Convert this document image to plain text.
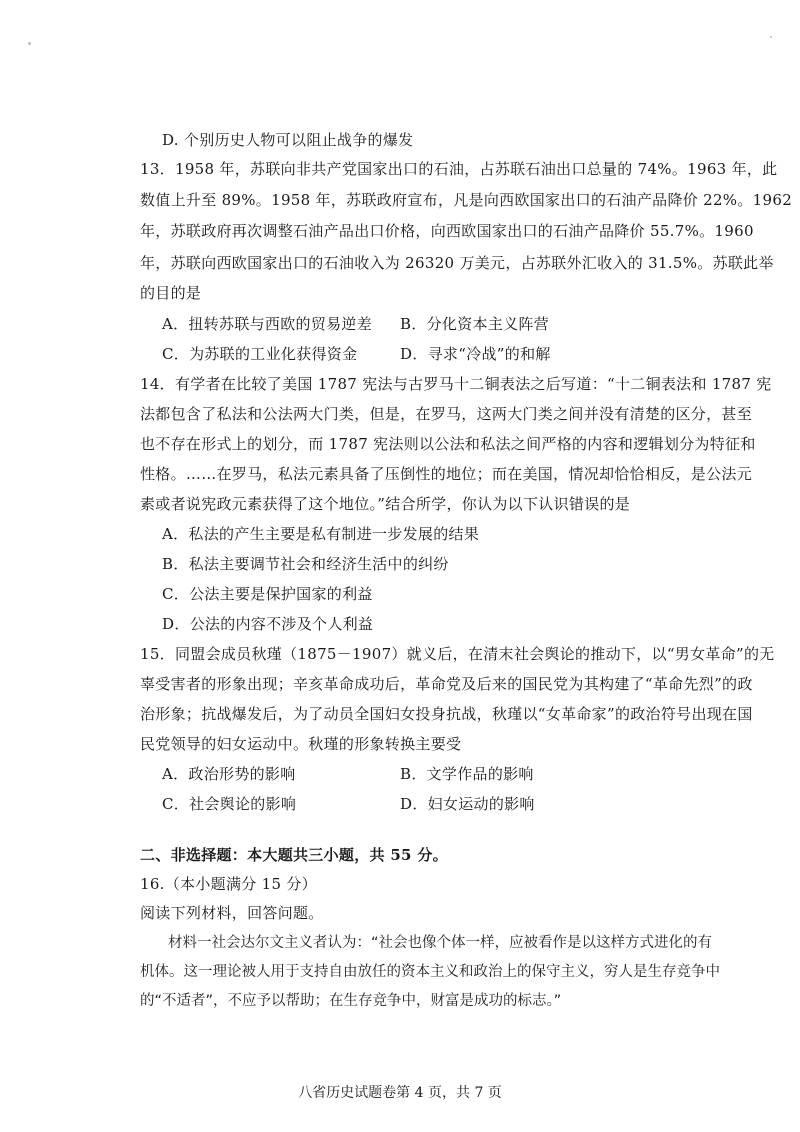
D. 个别历史人物可以阻止战争的爆发
13．1958 年，苏联向非共产党国家出口的石油，占苏联石油出口总量的 74%。1963 年，此
数值上升至 89%。1958 年，苏联政府宣布，凡是向西欧国家出口的石油产品降价 22%。1962
年，苏联政府再次调整石油产品出口价格，向西欧国家出口的石油产品降价 55.7%。1960
年，苏联向西欧国家出口的石油收入为 26320 万美元，占苏联外汇收入的 31.5%。苏联此举
的目的是
A．扭转苏联与西欧的贸易逆差 B．分化资本主义阵营
C．为苏联的工业化获得资金	D．寻求“冷战”的和解
14．有学者在比较了美国 1787 宪法与古罗马十二铜表法之后写道：“十二铜表法和 1787 宪
法都包含了私法和公法两大门类，但是，在罗马，这两大门类之间并没有清楚的区分，甚至
也不存在形式上的划分，而 1787 宪法则以公法和私法之间严格的内容和逻辑划分为特征和
性格。……在罗马，私法元素具备了压倒性的地位；而在美国，情况却恰恰相反，是公法元
素或者说宪政元素获得了这个地位。”结合所学，你认为以下认识错误的是
A．私法的产生主要是私有制进一步发展的结果
B．私法主要调节社会和经济生活中的纠纷
C．公法主要是保护国家的利益
D．公法的内容不涉及个人利益
15．同盟会成员秋瑾（1875－1907）就义后，在清末社会舆论的推动下，以“男女革命”的无
辜受害者的形象出现；辛亥革命成功后，革命党及后来的国民党为其构建了“革命先烈”的政
治形象；抗战爆发后，为了动员全国妇女投身抗战，秋瑾以“女革命家”的政治符号出现在国
民党领导的妇女运动中。秋瑾的形象转换主要受
A．政治形势的影响	B．文学作品的影响
C．社会舆论的影响	D．妇女运动的影响
二、非选择题：本大题共三小题，共 55 分。
16.（本小题满分 15 分）
阅读下列材料，回答问题。
材料一社会达尔文主义者认为：“社会也像个体一样，应被看作是以这样方式进化的有
机体。这一理论被人用于支持自由放任的资本主义和政治上的保守主义，穷人是生存竞争中
的“不适者”，不应予以帮助；在生存竞争中，财富是成功的标志。”
八省历史试题卷第 4 页，共 7 页
